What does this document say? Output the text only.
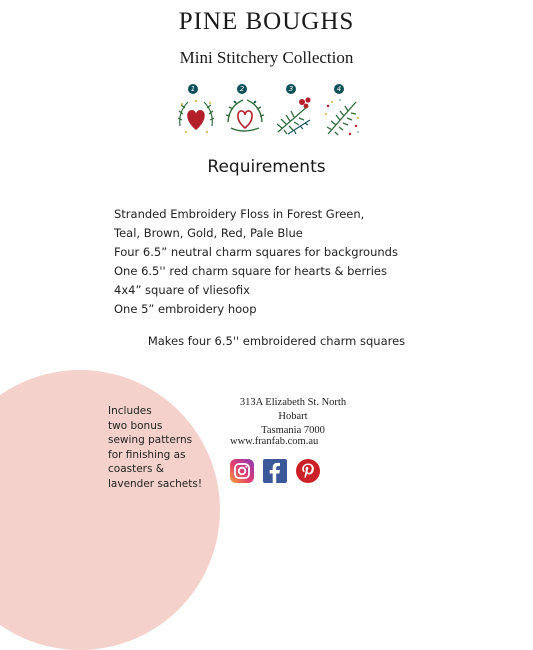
PINE BOUGHS
Mini Stitchery Collection
1	2	3	4
Requirements
Stranded Embroidery Floss in Forest Green,
Teal, Brown, Gold, Red, Pale Blue
Four 6.5” neutral charm squares for backgrounds
One 6.5'' red charm square for hearts & berries
4x4” square of vliesofix
One 5” embroidery hoop
Makes four 6.5'' embroidered charm squares

Includes
two bonus
sewing patterns
for finishing as
coasters &
lavender sachets!

313A Elizabeth St. North Hobart
Tasmania 7000
www.franfab.com.au
